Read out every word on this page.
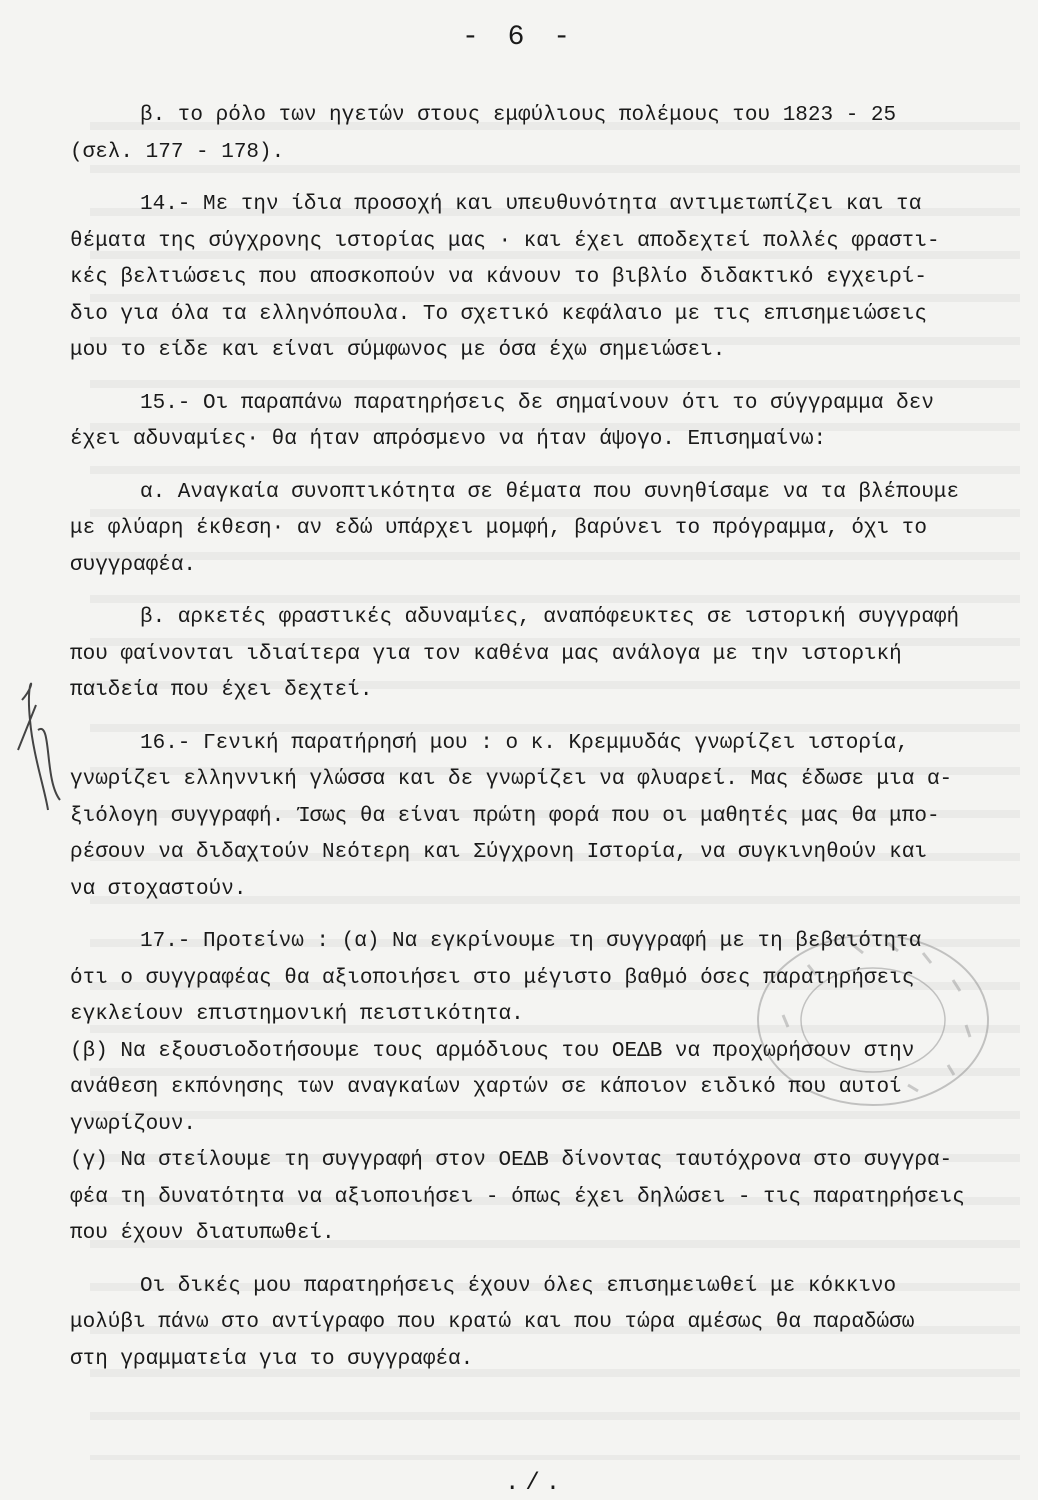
- 6 -
β. το ρόλο των ηγετών στους εμφύλιους πολέμους του 1823 - 25
(σελ. 177 - 178).
14.- Με την ίδια προσοχή και υπευθυνότητα αντιμετωπίζει και τα
θέματα της σύγχρονης ιστορίας μας · και έχει αποδεχτεί πολλές φραστι-
κές βελτιώσεις που αποσκοπούν να κάνουν το βιβλίο διδακτικό εγχειρί-
διο για όλα τα ελληνόπουλα. Το σχετικό κεφάλαιο με τις επισημειώσεις
μου το είδε και είναι σύμφωνος με όσα έχω σημειώσει.
15.- Οι παραπάνω παρατηρήσεις δε σημαίνουν ότι το σύγγραμμα δεν
έχει αδυναμίες· θα ήταν απρόσμενο να ήταν άψογο. Επισημαίνω:
α. Αναγκαία συνοπτικότητα σε θέματα που συνηθίσαμε να τα βλέπουμε
με φλύαρη έκθεση· αν εδώ υπάρχει μομφή, βαρύνει το πρόγραμμα, όχι το
συγγραφέα.
β. αρκετές φραστικές αδυναμίες, αναπόφευκτες σε ιστορική συγγραφή
που φαίνονται ιδιαίτερα για τον καθένα μας ανάλογα με την ιστορική
παιδεία που έχει δεχτεί.
16.- Γενική παρατήρησή μου : ο κ. Κρεμμυδάς γνωρίζει ιστορία,
γνωρίζει ελληννική γλώσσα και δε γνωρίζει να φλυαρεί. Μας έδωσε μια α-
ξιόλογη συγγραφή. Ίσως θα είναι πρώτη φορά που οι μαθητές μας θα μπο-
ρέσουν να διδαχτούν Νεότερη και Σύγχρονη Ιστορία, να συγκινηθούν και
να στοχαστούν.
17.- Προτείνω : (α) Να εγκρίνουμε τη συγγραφή με τη βεβαιότητα
ότι ο συγγραφέας θα αξιοποιήσει στο μέγιστο βαθμό όσες παρατηρήσεις
εγκλείουν επιστημονική πειστικότητα.
(β) Να εξουσιοδοτήσουμε τους αρμόδιους του ΟΕΔΒ να προχωρήσουν στην
ανάθεση εκπόνησης των αναγκαίων χαρτών σε κάποιον ειδικό που αυτοί
γνωρίζουν.
(γ) Να στείλουμε τη συγγραφή στον ΟΕΔΒ δίνοντας ταυτόχρονα στο συγγρα-
φέα τη δυνατότητα να αξιοποιήσει - όπως έχει δηλώσει - τις παρατηρήσεις
που έχουν διατυπωθεί.
Οι δικές μου παρατηρήσεις έχουν όλες επισημειωθεί με κόκκινο
μολύβι πάνω στο αντίγραφο που κρατώ και που τώρα αμέσως θα παραδώσω
στη γραμματεία για το συγγραφέα.
./.
